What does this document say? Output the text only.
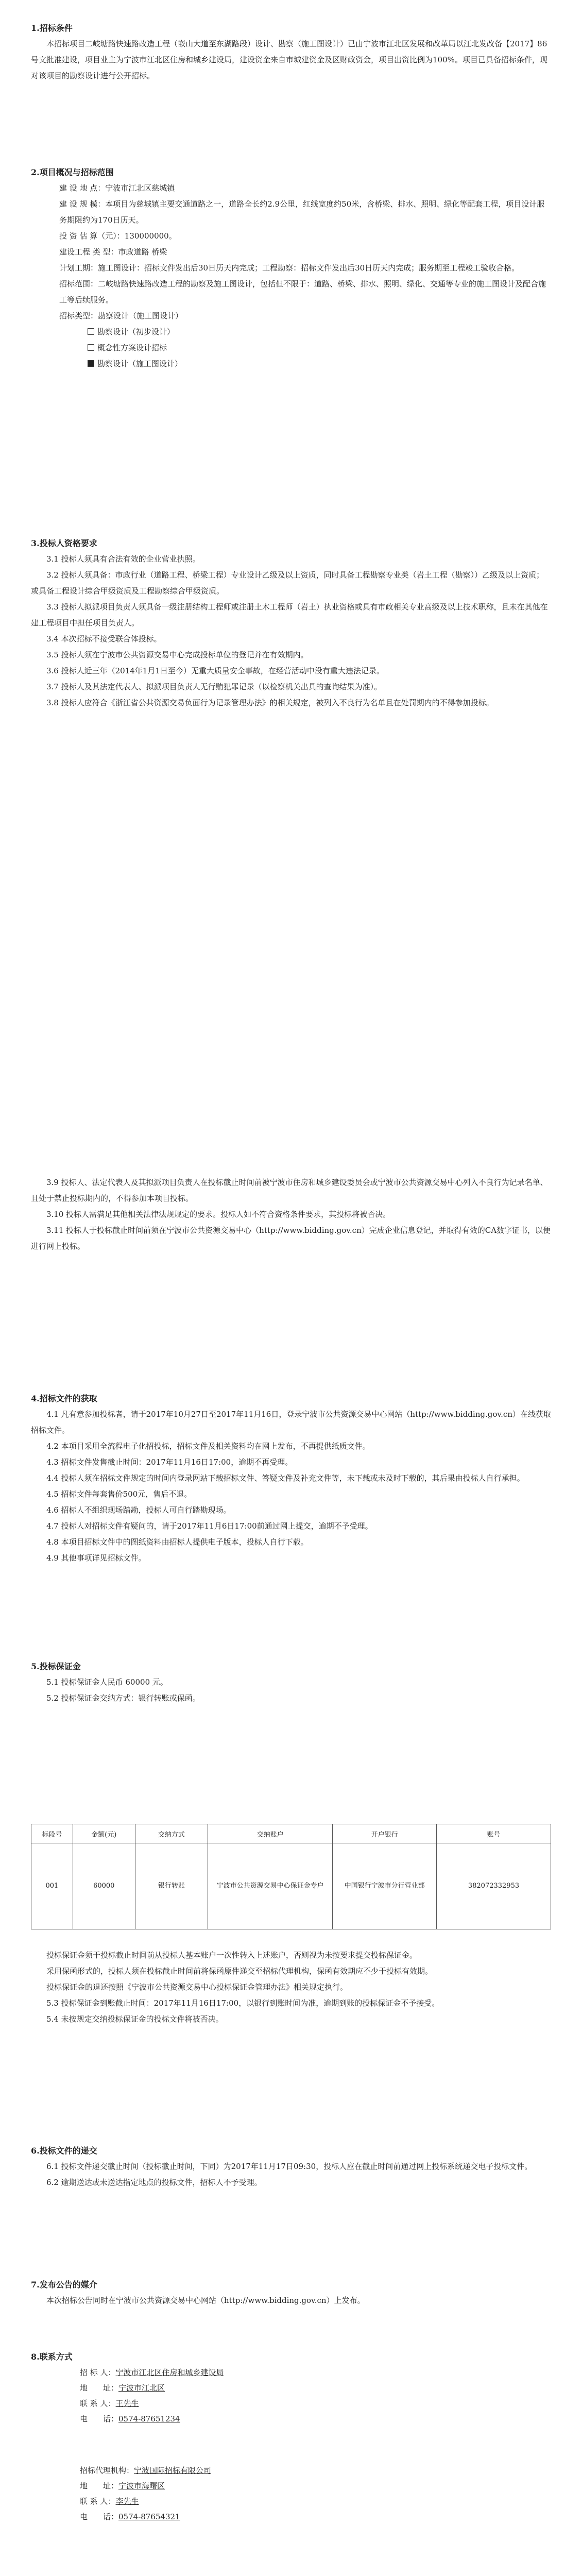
1.招标条件

本招标项目二岐塘路快速路改造工程（嵌山大道至东湖路段）设计、勘察（施工图设计）已由宁波市江北区发展和改革局以江北发改备【2017】86号文批准建设，项目业主为宁波市江北区住房和城乡建设局，建设资金来自市城建资金及区财政资金，项目出资比例为100%。项目已具备招标条件，现对该项目的勘察设计进行公开招标。

2.项目概况与招标范围

建 设 地 点：宁波市江北区慈城镇

建 设 规 模：本项目为慈城镇主要交通道路之一，道路全长约2.9公里，红线宽度约50米，含桥梁、排水、照明、绿化等配套工程，项目设计服务期限约为170日历天。

投 资 估 算（元）：130000000。

建设工程 类 型：市政道路 桥梁

计划工期：施工图设计：招标文件发出后30日历天内完成；工程勘察：招标文件发出后30日历天内完成；服务期至工程竣工验收合格。

招标范围：二岐塘路快速路改造工程的勘察及施工图设计，包括但不限于：道路、桥梁、排水、照明、绿化、交通等专业的施工图设计及配合施工等后续服务。

招标类型：勘察设计（施工图设计）

勘察设计（初步设计）

概念性方案设计招标

勘察设计（施工图设计）

3.投标人资格要求

3.1 投标人须具有合法有效的企业营业执照。

3.2 投标人须具备：市政行业（道路工程、桥梁工程）专业设计乙级及以上资质，同时具备工程勘察专业类（岩土工程（勘察））乙级及以上资质；或具备工程设计综合甲级资质及工程勘察综合甲级资质。

3.3 投标人拟派项目负责人须具备一级注册结构工程师或注册土木工程师（岩土）执业资格或具有市政相关专业高级及以上技术职称，且未在其他在建工程项目中担任项目负责人。

3.4 本次招标不接受联合体投标。

3.5 投标人须在宁波市公共资源交易中心完成投标单位的登记并在有效期内。

3.6 投标人近三年（2014年1月1日至今）无重大质量安全事故，在经营活动中没有重大违法记录。

3.7 投标人及其法定代表人、拟派项目负责人无行贿犯罪记录（以检察机关出具的查询结果为准）。

3.8 投标人应符合《浙江省公共资源交易负面行为记录管理办法》的相关规定，被列入不良行为名单且在处罚期内的不得参加投标。

3.9 投标人、法定代表人及其拟派项目负责人在投标截止时间前被宁波市住房和城乡建设委员会或宁波市公共资源交易中心列入不良行为记录名单、且处于禁止投标期内的，不得参加本项目投标。

3.10 投标人需满足其他相关法律法规规定的要求。投标人如不符合资格条件要求，其投标将被否决。

3.11 投标人于投标截止时间前须在宁波市公共资源交易中心（http://www.bidding.gov.cn）完成企业信息登记，并取得有效的CA数字证书，以便进行网上投标。

4.招标文件的获取

4.1 凡有意参加投标者，请于2017年10月27日至2017年11月16日，登录宁波市公共资源交易中心网站（http://www.bidding.gov.cn）在线获取招标文件。

4.2 本项目采用全流程电子化招投标，招标文件及相关资料均在网上发布，不再提供纸质文件。

4.3 招标文件发售截止时间：2017年11月16日17:00，逾期不再受理。

4.4 投标人须在招标文件规定的时间内登录网站下载招标文件、答疑文件及补充文件等，未下载或未及时下载的，其后果由投标人自行承担。

4.5 招标文件每套售价500元，售后不退。

4.6 招标人不组织现场踏勘，投标人可自行踏勘现场。

4.7 投标人对招标文件有疑问的，请于2017年11月6日17:00前通过网上提交，逾期不予受理。

4.8 本项目招标文件中的图纸资料由招标人提供电子版本，投标人自行下载。

4.9 其他事项详见招标文件。

5.投标保证金

5.1 投标保证金人民币 60000 元。

5.2 投标保证金交纳方式：银行转账或保函。

标段号	金额(元)	交纳方式	交纳账户	开户银行	账号
001	60000	银行转账	宁波市公共资源交易中心保证金专户	中国银行宁波市分行营业部	382072332953

投标保证金须于投标截止时间前从投标人基本账户一次性转入上述账户，否则视为未按要求提交投标保证金。

采用保函形式的，投标人须在投标截止时间前将保函原件递交至招标代理机构，保函有效期应不少于投标有效期。

投标保证金的退还按照《宁波市公共资源交易中心投标保证金管理办法》相关规定执行。

5.3 投标保证金到账截止时间：2017年11月16日17:00，以银行到账时间为准，逾期到账的投标保证金不予接受。

5.4 未按规定交纳投标保证金的投标文件将被否决。

6.投标文件的递交

6.1 投标文件递交截止时间（投标截止时间，下同）为2017年11月17日09:30，投标人应在截止时间前通过网上投标系统递交电子投标文件。

6.2 逾期送达或未送达指定地点的投标文件，招标人不予受理。

7.发布公告的媒介

本次招标公告同时在宁波市公共资源交易中心网站（http://www.bidding.gov.cn）上发布。

8.联系方式

招 标 人：宁波市江北区住房和城乡建设局

地　　址：宁波市江北区

联 系 人：王先生

电　　话：0574-87651234

招标代理机构：宁波国际招标有限公司

地　　址：宁波市海曙区

联 系 人：李先生

电　　话：0574-87654321
